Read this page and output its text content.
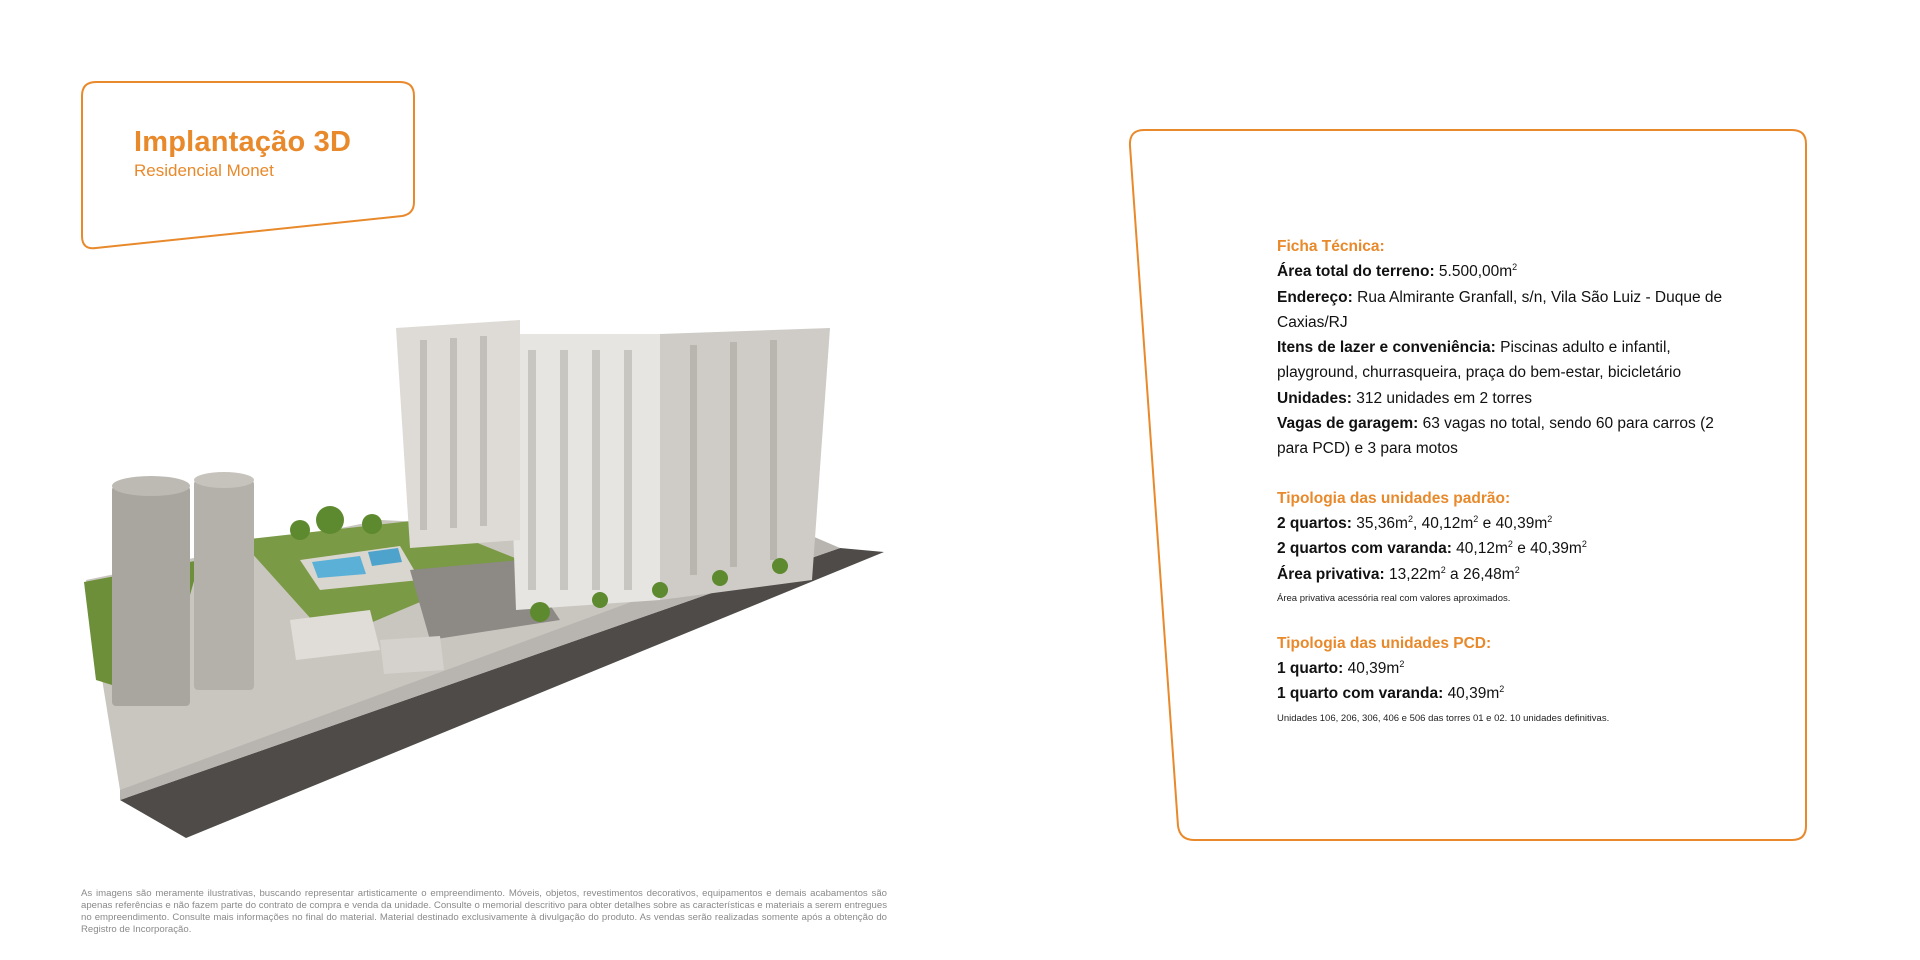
Implantação 3D
Residencial Monet
As imagens são meramente ilustrativas, buscando representar artisticamente o empreendimento. Móveis, objetos, revestimentos decorativos, equipamentos e demais acabamentos são apenas referências e não fazem parte do contrato de compra e venda da unidade. Consulte o memorial descritivo para obter detalhes sobre as características e materiais a serem entregues no empreendimento. Consulte mais informações no final do material. Material destinado exclusivamente à divulgação do produto. As vendas serão realizadas somente após a obtenção do Registro de Incorporação.
Ficha Técnica:
Área total do terreno: $5.500,00m^2$
Endereço: Rua Almirante Granfall, s/n, Vila São Luiz - Duque de Caxias/RJ
Itens de lazer e conveniência: Piscinas adulto e infantil, playground, churrasqueira, praça do bem-estar, bicicletário
Unidades: 312 unidades em 2 torres
Vagas de garagem: 63 vagas no total, sendo 60 para carros (2 para PCD) e 3 para motos
Tipologia das unidades padrão:
2 quartos: $35,36m^2$, $40,12m^2$ e $40,39m^2$
2 quartos com varanda: $40,12m^2$ e $40,39m^2$
Área privativa: $13,22m^2$ a $26,48m^2$
Área privativa acessória real com valores aproximados.
Tipologia das unidades PCD:
1 quarto: $40,39m^2$
1 quarto com varanda: $40,39m^2$
Unidades 106, 206, 306, 406 e 506 das torres 01 e 02. 10 unidades definitivas.
